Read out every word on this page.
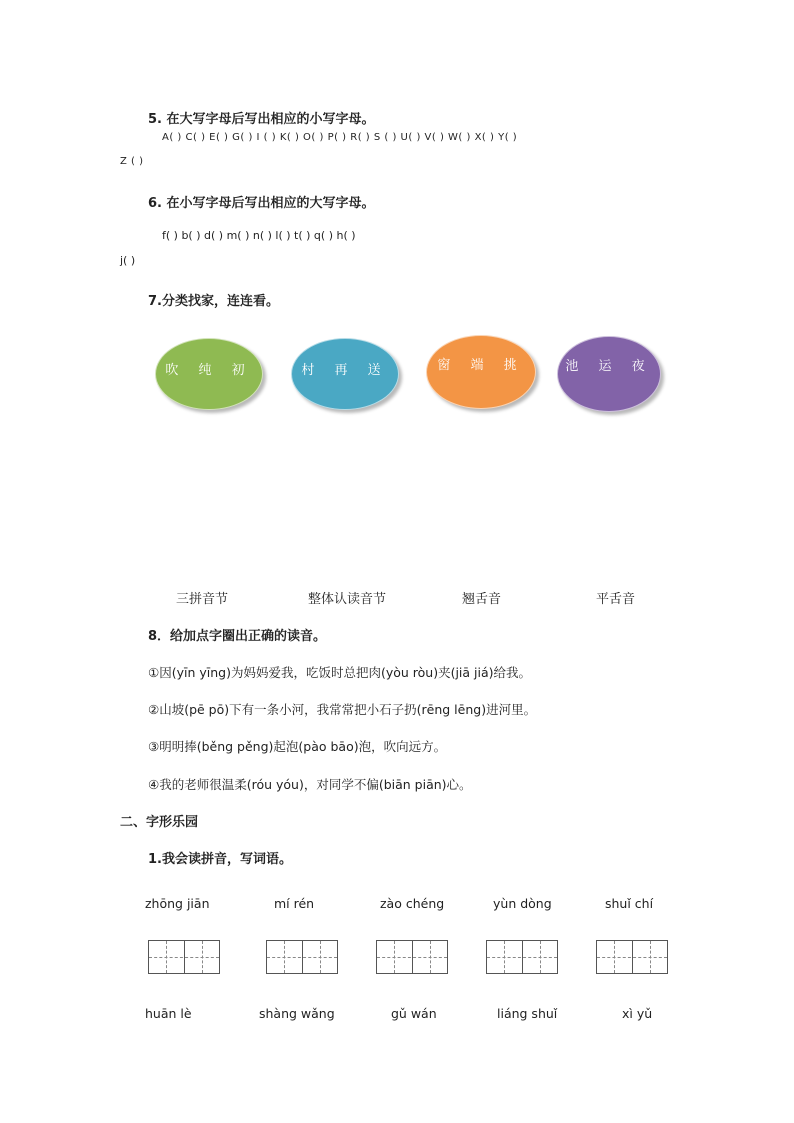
5. 在大写字母后写出相应的小写字母。
A( ) C( ) E( ) G( ) I ( ) K( ) O( ) P( ) R( ) S ( ) U( ) V( ) W( ) X( ) Y( )
Z ( )
6. 在小写字母后写出相应的大写字母。
f( ) b( ) d( ) m( ) n( ) l( ) t( ) q( ) h( )
j( )
7.分类找家，连连看。
吹 纯 初	村 再 送	窗 端 挑	池 运 夜
三拼音节	整体认读音节	翘舌音	平舌音
8．给加点字圈出正确的读音。
①因(yīn yīng)为妈妈爱我，吃饭时总把肉(yòu ròu)夹(jiā jiá)给我。
②山坡(pē pō)下有一条小河，我常常把小石子扔(rēng lēng)进河里。
③明明捧(běng pěng)起泡(pào bāo)泡，吹向远方。
④我的老师很温柔(róu yóu)，对同学不偏(biān piān)心。
二、字形乐园
1.我会读拼音，写词语。
zhōng jiān	mí rén	zào chéng	yùn dòng	shuǐ chí
huān lè	shàng wǎng	gǔ wán	liáng shuǐ	xì yǔ
